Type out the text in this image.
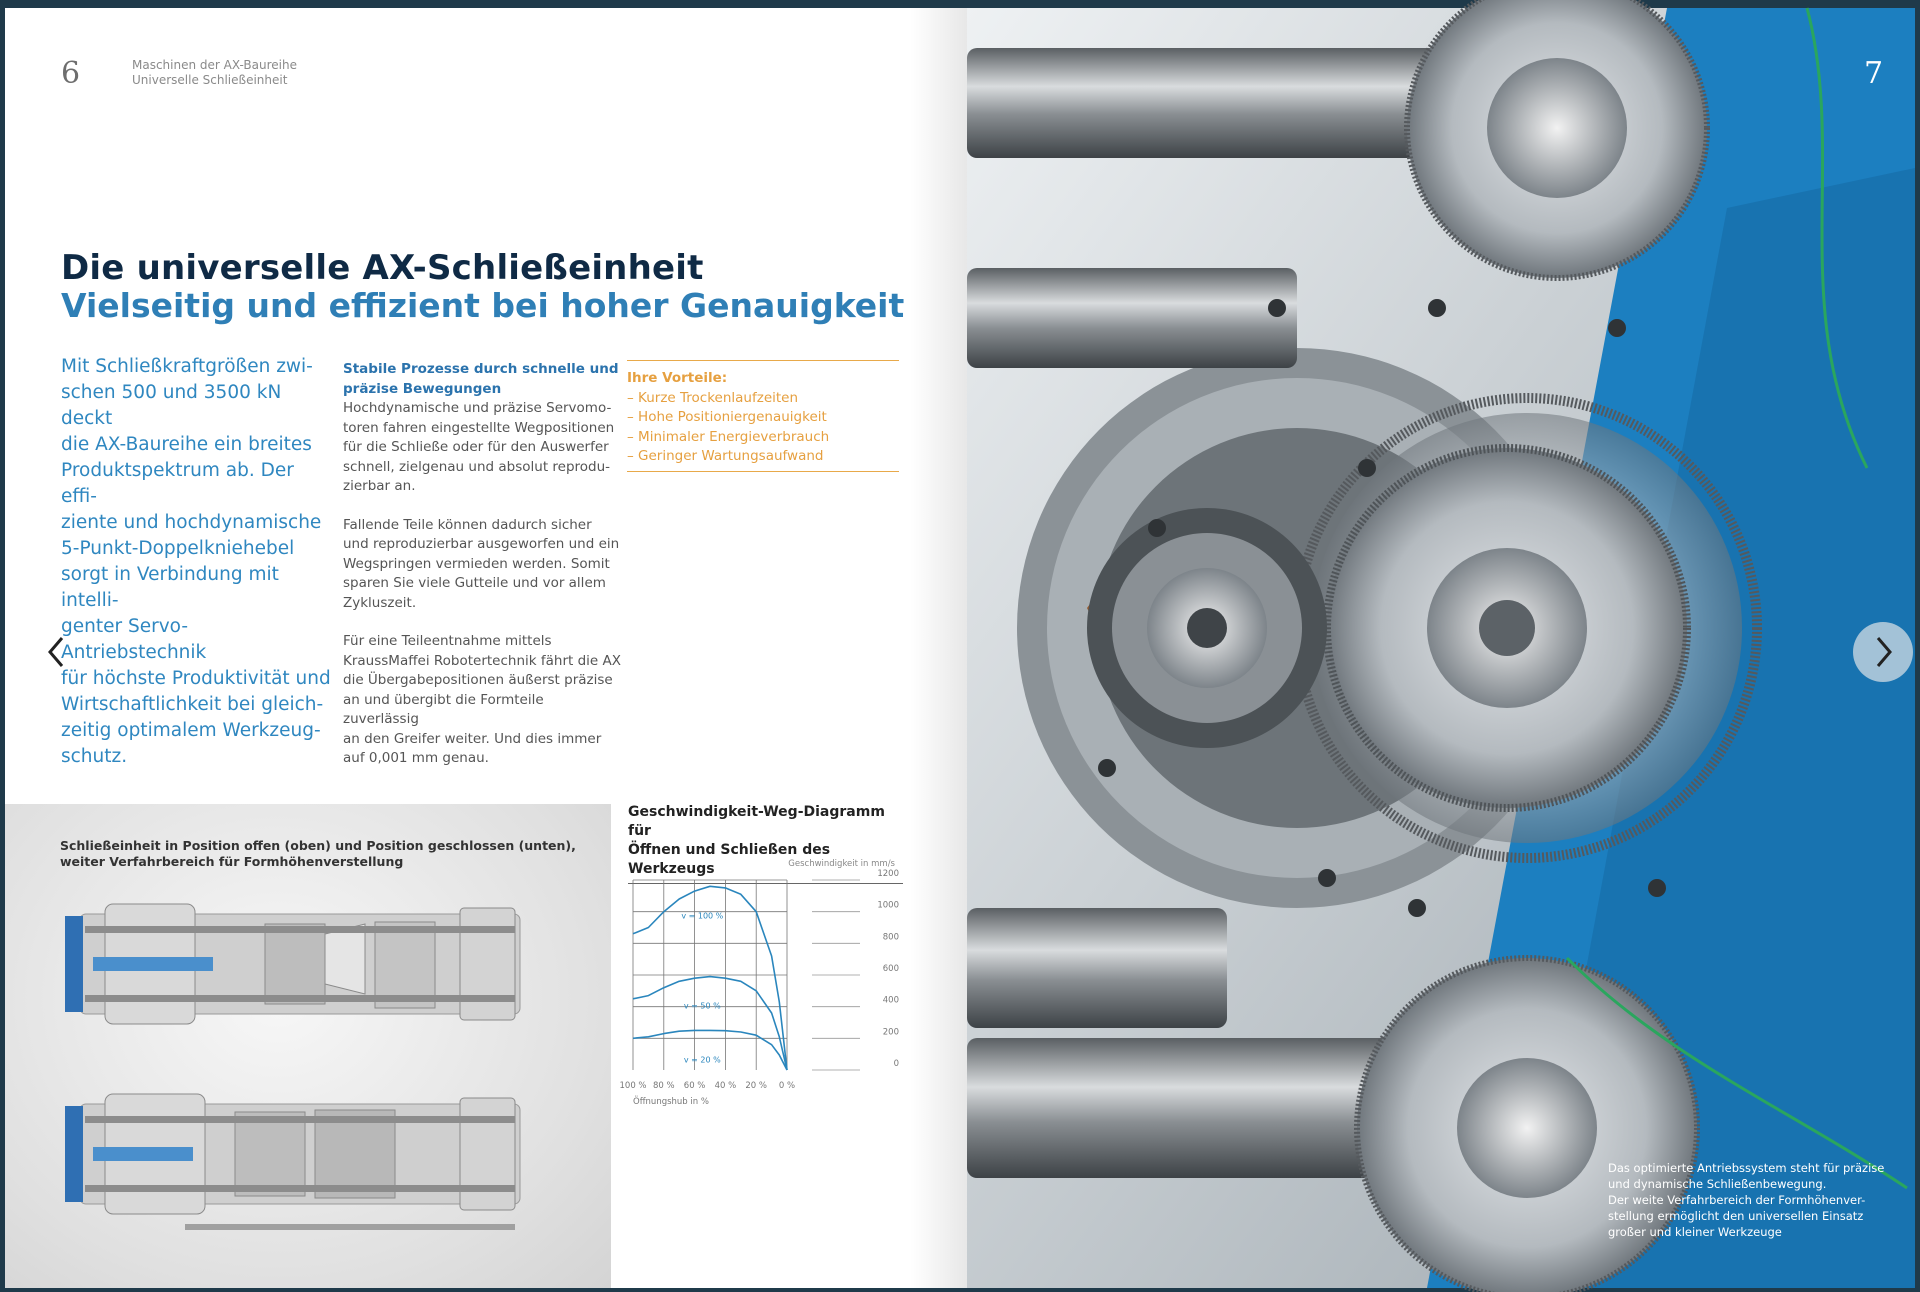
6	Maschinen der AX-Baureihe
Universelle Schließeinheit
Die universelle AX-Schließeinheit
Vielseitig und effizient bei hoher Genauigkeit
Mit Schließkraftgrößen zwi-
schen 500 und 3500 kN deckt
die AX-Baureihe ein breites
Produktspektrum ab. Der effi-
ziente und hochdynamische
5-Punkt-Doppelkniehebel
sorgt in Verbindung mit intelli-
genter Servo-Antriebstechnik
für höchste Produktivität und
Wirtschaftlichkeit bei gleich-
zeitig optimalem Werkzeug-
schutz.
Stabile Prozesse durch schnelle und
präzise Bewegungen

Hochdynamische und präzise Servomo-
toren fahren eingestellte Wegpositionen
für die Schließe oder für den Auswerfer
schnell, zielgenau und absolut reprodu-
zierbar an.

Fallende Teile können dadurch sicher
und reproduzierbar ausgeworfen und ein
Wegspringen vermieden werden. Somit
sparen Sie viele Gutteile und vor allem
Zykluszeit.

Für eine Teileentnahme mittels
KraussMaffei Robotertechnik fährt die AX
die Übergabepositionen äußerst präzise
an und übergibt die Formteile zuverlässig
an den Greifer weiter. Und dies immer
auf 0,001 mm genau.

Ihre Vorteile:
– Kurze Trockenlaufzeiten
– Hohe Positioniergenauigkeit
– Minimaler Energieverbrauch
– Geringer Wartungsaufwand
Schließeinheit in Position offen (oben) und Position geschlossen (unten),
weiter Verfahrbereich für Formhöhenverstellung
Geschwindigkeit-Weg-Diagramm für
Öffnen und Schließen des Werkzeugs	Geschwindigkeit in mm/s
100 % 80 % 60 % 40 % 20 % 0 %
1200
1000
800
600
400
200
0
Öffnungshub in %
v = 100 %
v = 50 %
v = 20 %
7
Das optimierte Antriebssystem steht für präzise
und dynamische Schließenbewegung.
Der weite Verfahrbereich der Formhöhenver-
stellung ermöglicht den universellen Einsatz
großer und kleiner Werkzeuge
